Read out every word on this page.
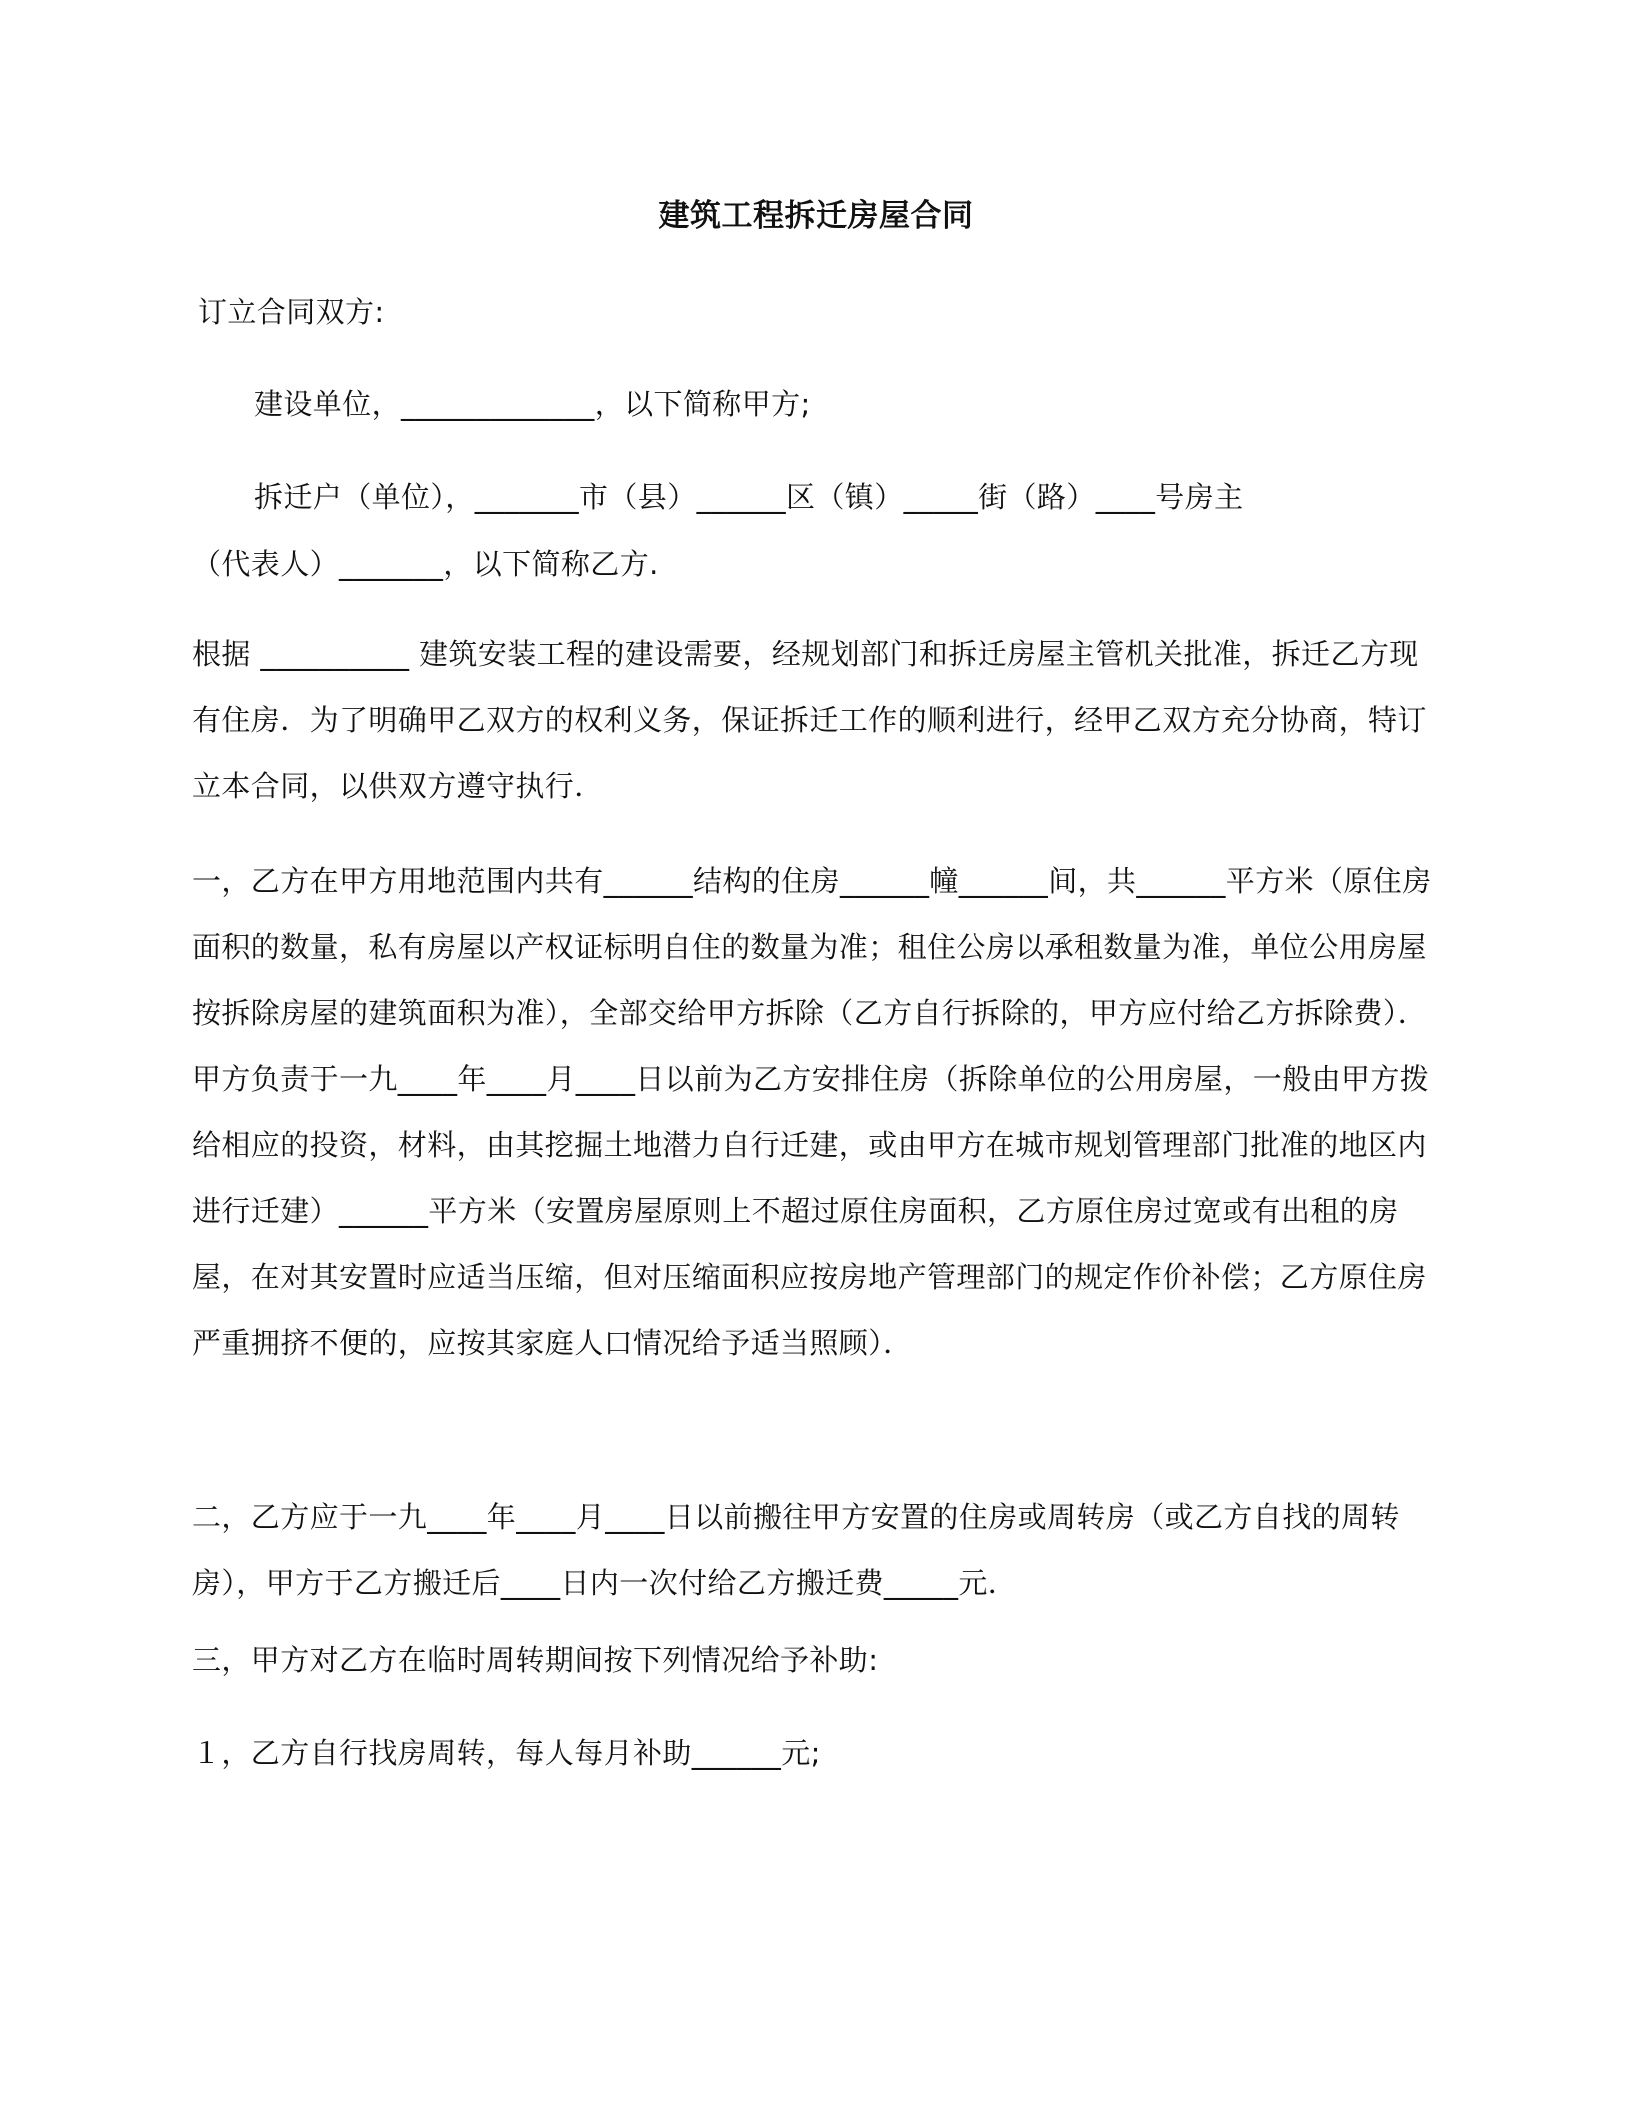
建筑工程拆迁房屋合同
订立合同双方:
建设单位，_____________，以下简称甲方;
拆迁户（单位），_______市（县）______区（镇）_____街（路）____号房主
（代表人）_______，以下简称乙方.
根据 __________ 建筑安装工程的建设需要，经规划部门和拆迁房屋主管机关批准，拆迁乙方现有住房．为了明确甲乙双方的权利义务，保证拆迁工作的顺利进行，经甲乙双方充分协商，特订立本合同，以供双方遵守执行．
一，乙方在甲方用地范围内共有______结构的住房______幢______间，共______平方米（原住房面积的数量，私有房屋以产权证标明自住的数量为准；租住公房以承租数量为准，单位公用房屋按拆除房屋的建筑面积为准），全部交给甲方拆除（乙方自行拆除的，甲方应付给乙方拆除费）．甲方负责于一九____年____月____日以前为乙方安排住房（拆除单位的公用房屋，一般由甲方拨给相应的投资，材料，由其挖掘土地潜力自行迁建，或由甲方在城市规划管理部门批准的地区内进行迁建）______平方米（安置房屋原则上不超过原住房面积，乙方原住房过宽或有出租的房屋，在对其安置时应适当压缩，但对压缩面积应按房地产管理部门的规定作价补偿；乙方原住房严重拥挤不便的，应按其家庭人口情况给予适当照顾）．
二，乙方应于一九____年____月____日以前搬往甲方安置的住房或周转房（或乙方自找的周转房），甲方于乙方搬迁后____日内一次付给乙方搬迁费_____元．
三，甲方对乙方在临时周转期间按下列情况给予补助:
１，乙方自行找房周转，每人每月补助______元;
